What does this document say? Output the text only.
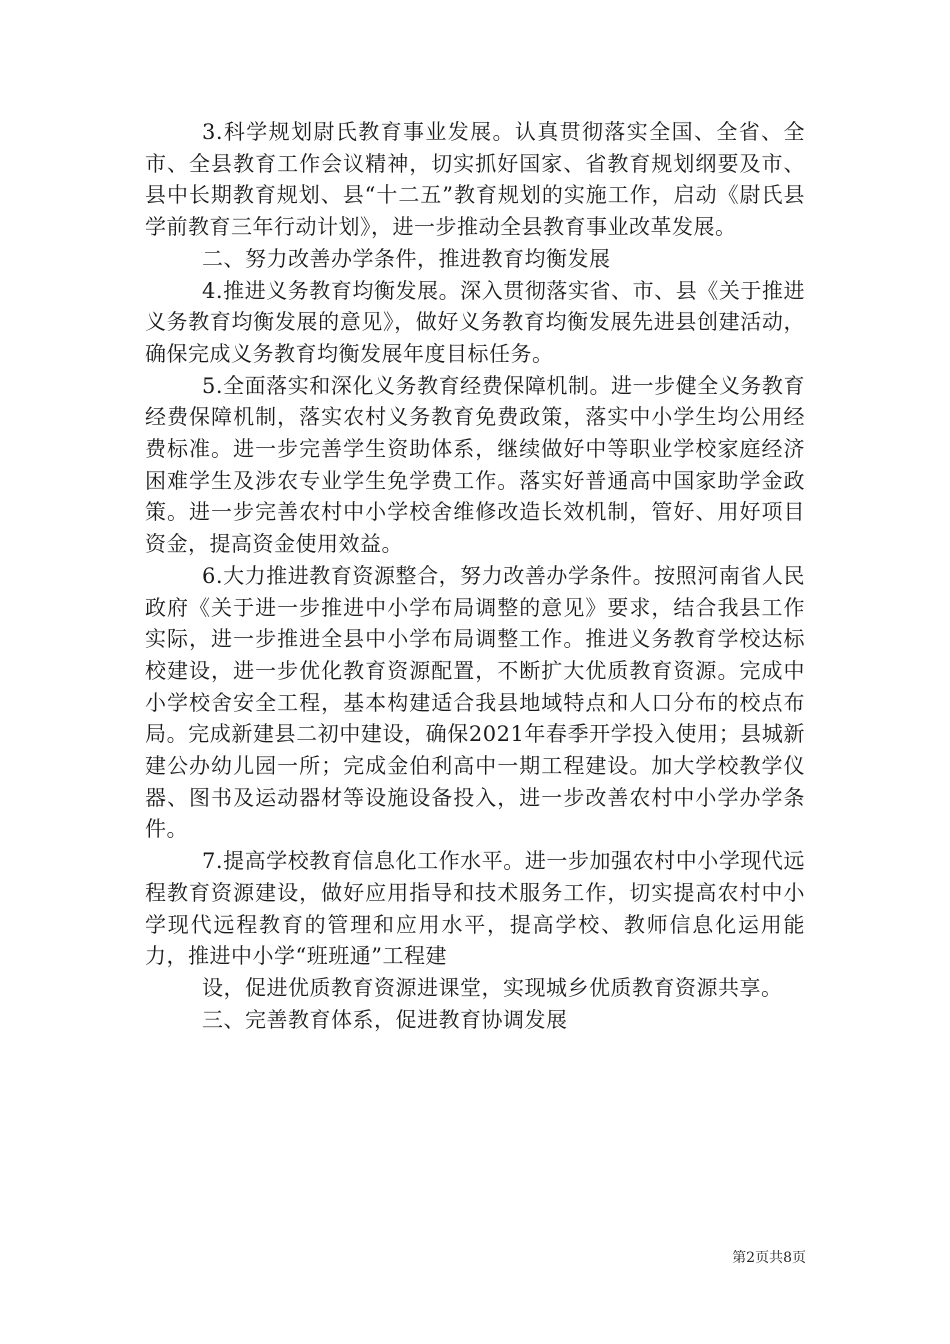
3.科学规划尉氏教育事业发展。认真贯彻落实全国、全省、全市、全县教育工作会议精神，切实抓好国家、省教育规划纲要及市、县中长期教育规划、县“十二五”教育规划的实施工作，启动《尉氏县学前教育三年行动计划》，进一步推动全县教育事业改革发展。

二、努力改善办学条件，推进教育均衡发展

4.推进义务教育均衡发展。深入贯彻落实省、市、县《关于推进义务教育均衡发展的意见》，做好义务教育均衡发展先进县创建活动，确保完成义务教育均衡发展年度目标任务。

5.全面落实和深化义务教育经费保障机制。进一步健全义务教育经费保障机制，落实农村义务教育免费政策，落实中小学生均公用经费标准。进一步完善学生资助体系，继续做好中等职业学校家庭经济困难学生及涉农专业学生免学费工作。落实好普通高中国家助学金政策。进一步完善农村中小学校舍维修改造长效机制，管好、用好项目资金，提高资金使用效益。

6.大力推进教育资源整合，努力改善办学条件。按照河南省人民政府《关于进一步推进中小学布局调整的意见》要求，结合我县工作实际，进一步推进全县中小学布局调整工作。推进义务教育学校达标校建设，进一步优化教育资源配置，不断扩大优质教育资源。完成中小学校舍安全工程，基本构建适合我县地域特点和人口分布的校点布局。完成新建县二初中建设，确保2021年春季开学投入使用；县城新建公办幼儿园一所；完成金伯利高中一期工程建设。加大学校教学仪器、图书及运动器材等设施设备投入，进一步改善农村中小学办学条件。

7.提高学校教育信息化工作水平。进一步加强农村中小学现代远程教育资源建设，做好应用指导和技术服务工作，切实提高农村中小学现代远程教育的管理和应用水平，提高学校、教师信息化运用能力，推进中小学“班班通”工程建

设，促进优质教育资源进课堂，实现城乡优质教育资源共享。

三、完善教育体系，促进教育协调发展

第2页共8页
